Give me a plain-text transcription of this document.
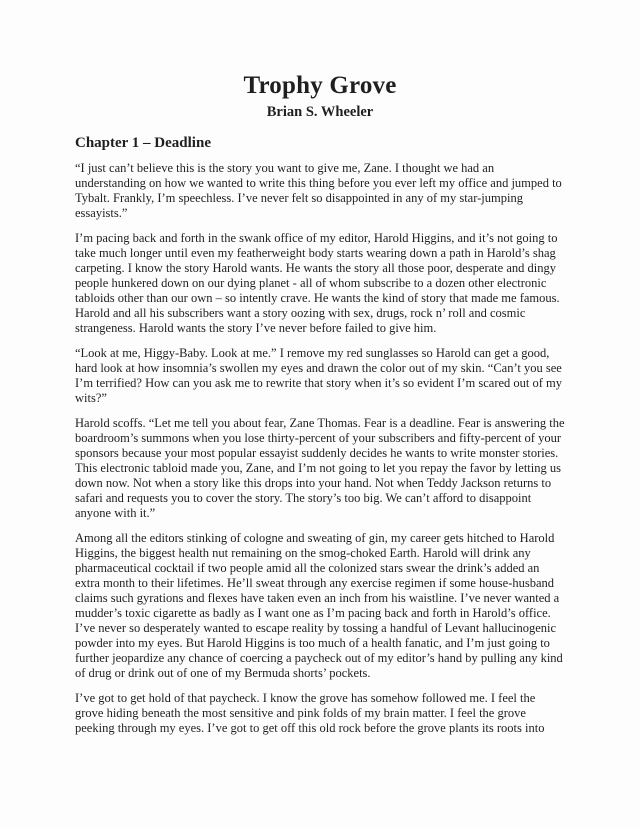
Trophy Grove
Brian S. Wheeler
Chapter 1 – Deadline

“I just can’t believe this is the story you want to give me, Zane. I thought we had an understanding on how we wanted to write this thing before you ever left my office and jumped to Tybalt. Frankly, I’m speechless. I’ve never felt so disappointed in any of my star-jumping essayists.”

I’m pacing back and forth in the swank office of my editor, Harold Higgins, and it’s not going to take much longer until even my featherweight body starts wearing down a path in Harold’s shag carpeting. I know the story Harold wants. He wants the story all those poor, desperate and dingy people hunkered down on our dying planet - all of whom subscribe to a dozen other electronic tabloids other than our own – so intently crave. He wants the kind of story that made me famous. Harold and all his subscribers want a story oozing with sex, drugs, rock n’ roll and cosmic strangeness. Harold wants the story I’ve never before failed to give him.

“Look at me, Higgy-Baby. Look at me.” I remove my red sunglasses so Harold can get a good, hard look at how insomnia’s swollen my eyes and drawn the color out of my skin. “Can’t you see I’m terrified? How can you ask me to rewrite that story when it’s so evident I’m scared out of my wits?”

Harold scoffs. “Let me tell you about fear, Zane Thomas. Fear is a deadline. Fear is answering the boardroom’s summons when you lose thirty-percent of your subscribers and fifty-percent of your sponsors because your most popular essayist suddenly decides he wants to write monster stories. This electronic tabloid made you, Zane, and I’m not going to let you repay the favor by letting us down now. Not when a story like this drops into your hand. Not when Teddy Jackson returns to safari and requests you to cover the story. The story’s too big. We can’t afford to disappoint anyone with it.”

Among all the editors stinking of cologne and sweating of gin, my career gets hitched to Harold Higgins, the biggest health nut remaining on the smog-choked Earth. Harold will drink any pharmaceutical cocktail if two people amid all the colonized stars swear the drink’s added an extra month to their lifetimes. He’ll sweat through any exercise regimen if some house-husband claims such gyrations and flexes have taken even an inch from his waistline. I’ve never wanted a mudder’s toxic cigarette as badly as I want one as I’m pacing back and forth in Harold’s office. I’ve never so desperately wanted to escape reality by tossing a handful of Levant hallucinogenic powder into my eyes. But Harold Higgins is too much of a health fanatic, and I’m just going to further jeopardize any chance of coercing a paycheck out of my editor’s hand by pulling any kind of drug or drink out of one of my Bermuda shorts’ pockets.

I’ve got to get hold of that paycheck. I know the grove has somehow followed me. I feel the grove hiding beneath the most sensitive and pink folds of my brain matter. I feel the grove peeking through my eyes. I’ve got to get off this old rock before the grove plants its roots into
